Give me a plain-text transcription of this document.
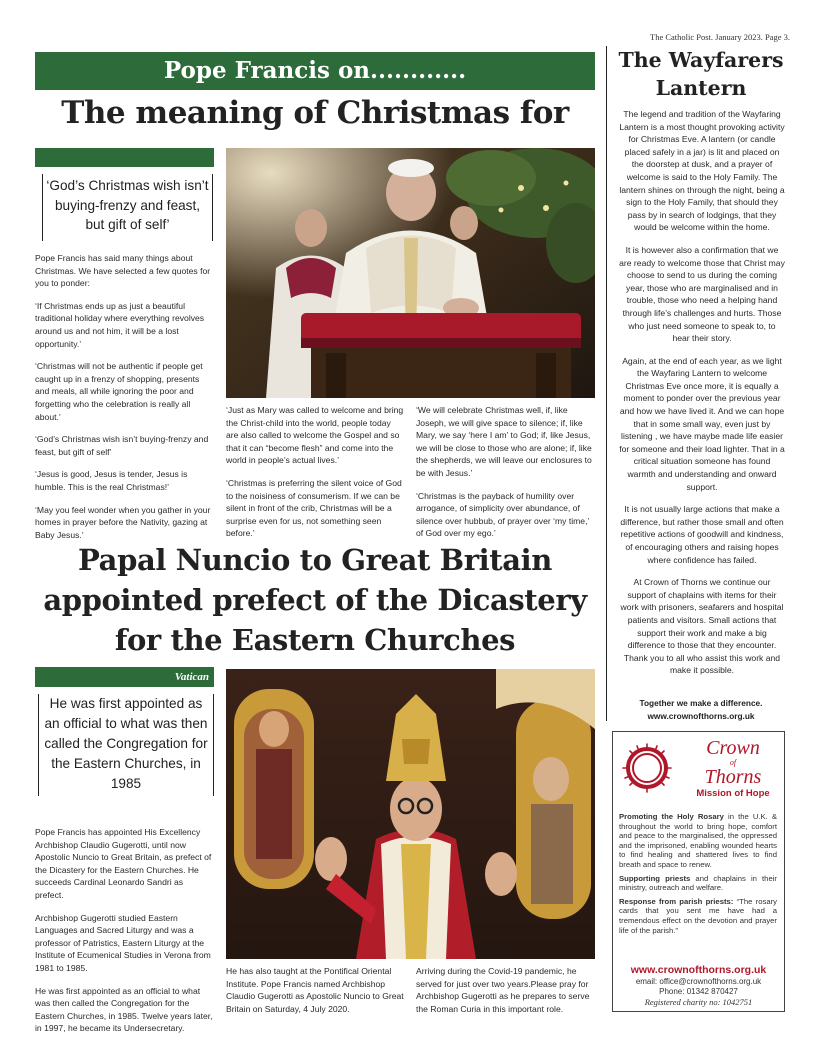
The Catholic Post. January 2023. Page 3.
Pope Francis on............
The meaning of Christmas for
‘God’s Christmas wish isn’t buying-frenzy and feast, but gift of self’

Pope Francis has said many things about Christmas. We have selected a few quotes for you to ponder:

‘If Christmas ends up as just a beautiful traditional holiday where everything revolves around us and not him, it will be a lost opportunity.’

‘Christmas will not be authentic if people get caught up in a frenzy of shopping, presents and meals, all while ignoring the poor and forgetting who the celebration is really all about.’

‘God’s Christmas wish isn’t buying-frenzy and feast, but gift of self’

‘Jesus is good, Jesus is tender, Jesus is humble. This is the real Christmas!’

‘May you feel wonder when you gather in your homes in prayer before the Nativity, gazing at Baby Jesus.’

‘Just as Mary was called to welcome and bring the Christ-child into the world, people today are also called to welcome the Gospel and so that it can “become flesh” and come into the world in people’s actual lives.’

‘Christmas is preferring the silent voice of God to the noisiness of consumerism. If we can be silent in front of the crib, Christmas will be a surprise even for us, not something seen before.’

‘We will celebrate Christmas well, if, like Joseph, we will give space to silence; if, like Mary, we say ‘here I am’ to God; if, like Jesus, we will be close to those who are alone; if, like the shepherds, we will leave our enclosures to be with Jesus.’

‘Christmas is the payback of humility over arrogance, of simplicity over abundance, of silence over hubbub, of prayer over ‘my time,’ of God over my ego.’

Papal Nuncio to Great Britain appointed prefect of the Dicastery for the Eastern Churches
Vatican
He was first appointed as an official to what was then called the Congregation for the Eastern Churches, in 1985

Pope Francis has appointed His Excellency Archbishop Claudio Gugerotti, until now Apostolic Nuncio to Great Britain, as prefect of the Dicastery for the Eastern Churches. He succeeds Cardinal Leonardo Sandri as prefect.

Archbishop Gugerotti studied Eastern Languages and Sacred Liturgy and was a professor of Patristics, Eastern Liturgy at the Institute of Ecumenical Studies in Verona from 1981 to 1985.

He was first appointed as an official to what was then called the Congregation for the Eastern Churches, in 1985. Twelve years later, in 1997, he became its Undersecretary.

He has also taught at the Pontifical Oriental Institute. Pope Francis named Archbishop Claudio Gugerotti as Apostolic Nuncio to Great Britain on Saturday, 4 July 2020.

Arriving during the Covid-19 pandemic, he served for just over two years.Please pray for Archbishop Gugerotti as he prepares to serve the Roman Curia in this important role.

The Wayfarers Lantern

The legend and tradition of the Wayfaring Lantern is a most thought provoking activity for Christmas Eve. A lantern (or candle placed safely in a jar) is lit and placed on the doorstep at dusk, and a prayer of welcome is said to the Holy Family. The lantern shines on through the night, being a sign to the Holy Family, that should they pass by in search of lodgings, that they would be welcome within the home.

It is however also a confirmation that we are ready to welcome those that Christ may choose to send to us during the coming year, those who are marginalised and in trouble, those who need a helping hand through life’s challenges and hurts. Those who just need someone to speak to, to hear their story.

Again, at the end of each year, as we light the Wayfaring Lantern to welcome Christmas Eve once more, it is equally a moment to ponder over the previous year and how we have lived it. And we can hope that in some small way, even just by listening , we have maybe made life easier for someone and their load lighter. That in a critical situation someone has found warmth and understanding and onward support.

It is not usually large actions that make a difference, but rather those small and often repetitive actions of goodwill and kindness, of encouraging others and raising hopes where confidence has failed.

At Crown of Thorns we continue our support of chaplains with items for their work with prisoners, seafarers and hospital patients and visitors. Small actions that support their work and make a big difference to those that they encounter. Thank you to all who assist this work and make it possible.

Together we make a difference.
www.crownofthorns.org.uk
Crown
of
Thorns
Mission of Hope

Promoting the Holy Rosary in the U.K. & throughout the world to bring hope, comfort and peace to the marginalised, the oppressed and the imprisoned, enabling wounded hearts to find healing and shattered lives to find breath and space to renew.

Supporting priests and chaplains in their ministry, outreach and welfare.

Response from parish priests: “The rosary cards that you sent me have had a tremendous effect on the devotion and prayer life of the parish.”

www.crownofthorns.org.uk
email: office@crownofthorns.org.uk
Phone: 01342 870427
Registered charity no: 1042751
